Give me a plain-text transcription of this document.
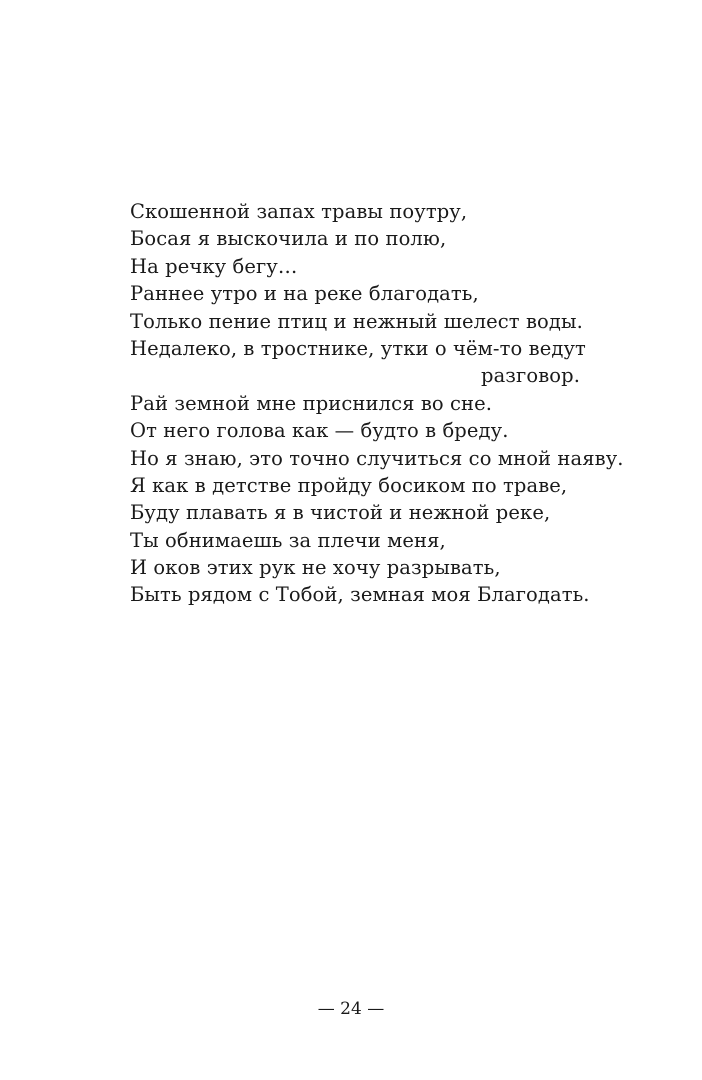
Скошенной запах травы поутру,
Босая я выскочила и по полю,
На речку бегу…
Раннее утро и на реке благодать,
Только пение птиц и нежный шелест воды.
Недалеко, в тростнике, утки о чём-то ведут
разговор.
Рай земной мне приснился во сне.
От него голова как — будто в бреду.
Но я знаю, это точно случиться со мной наяву.
Я как в детстве пройду босиком по траве,
Буду плавать я в чистой и нежной реке,
Ты обнимаешь за плечи меня,
И оков этих рук не хочу разрывать,
Быть рядом с Тобой, земная моя Благодать.
— 24 —
